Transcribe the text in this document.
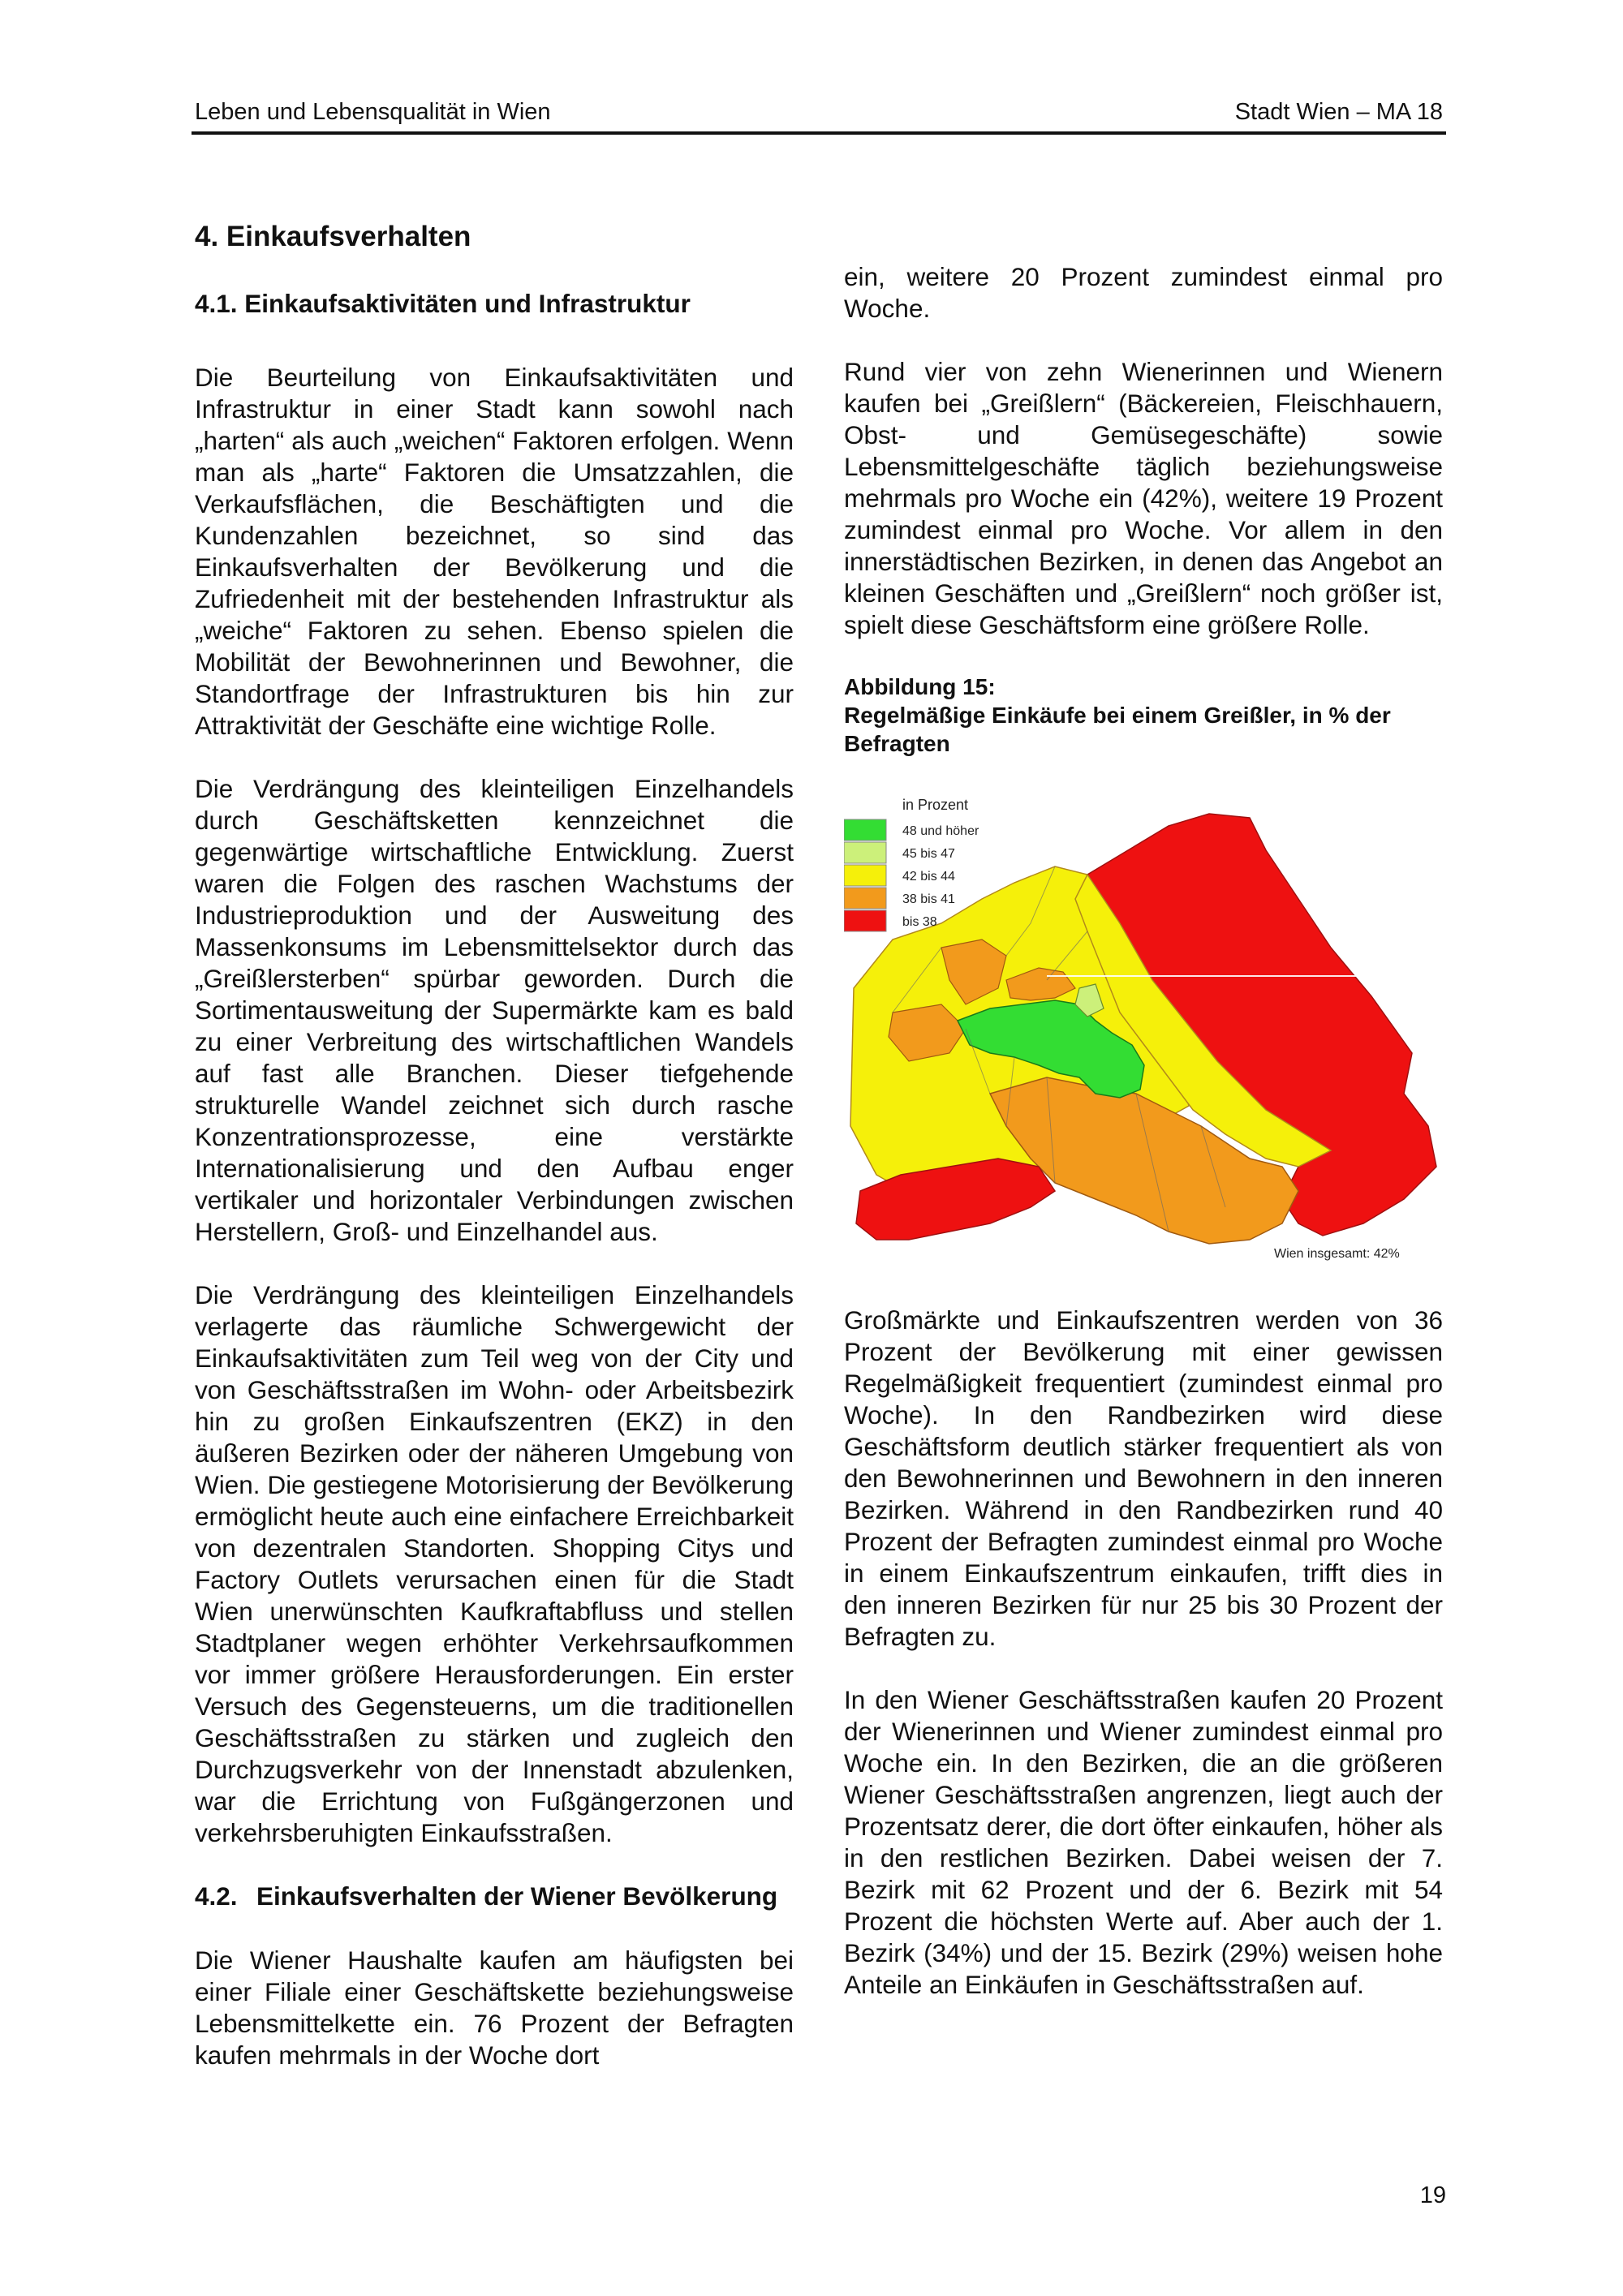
Leben und Lebensqualität in Wien	Stadt Wien – MA 18
4. Einkaufsverhalten
4.1. Einkaufsaktivitäten und Infrastruktur

Die Beurteilung von Einkaufsaktivitäten und Infrastruktur in einer Stadt kann sowohl nach „harten“ als auch „weichen“ Faktoren erfolgen. Wenn man als „harte“ Faktoren die Umsatzzahlen, die Verkaufsflächen, die Beschäftigten und die Kundenzahlen bezeichnet, so sind das Einkaufsverhalten der Bevölkerung und die Zufriedenheit mit der bestehenden Infrastruktur als „weiche“ Faktoren zu sehen. Ebenso spielen die Mobilität der Bewohnerinnen und Bewohner, die Standortfrage der Infrastrukturen bis hin zur Attraktivität der Geschäfte eine wichtige Rolle.

Die Verdrängung des kleinteiligen Einzelhandels durch Geschäftsketten kennzeichnet die gegenwärtige wirtschaftliche Entwicklung. Zuerst waren die Folgen des raschen Wachstums der Industrieproduktion und der Ausweitung des Massenkonsums im Lebensmittelsektor durch das „Greißlersterben“ spürbar geworden. Durch die Sortimentausweitung der Supermärkte kam es bald zu einer Verbreitung des wirtschaftlichen Wandels auf fast alle Branchen. Dieser tiefgehende strukturelle Wandel zeichnet sich durch rasche Konzentrationsprozesse, eine verstärkte Internationalisierung und den Aufbau enger vertikaler und horizontaler Verbindungen zwischen Herstellern, Groß- und Einzelhandel aus.

Die Verdrängung des kleinteiligen Einzelhandels verlagerte das räumliche Schwergewicht der Einkaufsaktivitäten zum Teil weg von der City und von Geschäftsstraßen im Wohn- oder Arbeitsbezirk hin zu großen Einkaufszentren (EKZ) in den äußeren Bezirken oder der näheren Umgebung von Wien. Die gestiegene Motorisierung der Bevölkerung ermöglicht heute auch eine einfachere Erreichbarkeit von dezentralen Standorten. Shopping Citys und Factory Outlets verursachen einen für die Stadt Wien unerwünschten Kaufkraftabfluss und stellen Stadtplaner wegen erhöhter Verkehrsaufkommen vor immer größere Herausforderungen. Ein erster Versuch des Gegensteuerns, um die traditionellen Geschäftsstraßen zu stärken und zugleich den Durchzugsverkehr von der Innenstadt abzulenken, war die Errichtung von Fußgängerzonen und verkehrsberuhigten Einkaufsstraßen.

4.2. Einkaufsverhalten der Wiener Bevölkerung

Die Wiener Haushalte kaufen am häufigsten bei einer Filiale einer Geschäftskette beziehungsweise Lebensmittelkette ein. 76 Prozent der Befragten kaufen mehrmals in der Woche dort

ein, weitere 20 Prozent zumindest einmal pro Woche.

Rund vier von zehn Wienerinnen und Wienern kaufen bei „Greißlern“ (Bäckereien, Fleischhauern, Obst- und Gemüsegeschäfte) sowie Lebensmittelgeschäfte täglich beziehungsweise mehrmals pro Woche ein (42%), weitere 19 Prozent zumindest einmal pro Woche. Vor allem in den innerstädtischen Bezirken, in denen das Angebot an kleinen Geschäften und „Greißlern“ noch größer ist, spielt diese Geschäftsform eine größere Rolle.

Abbildung 15:
Regelmäßige Einkäufe bei einem Greißler, in % der Befragten
in Prozent
48 und höher
45 bis 47
42 bis 44
38 bis 41
bis 38
Wien insgesamt: 42%

Großmärkte und Einkaufszentren werden von 36 Prozent der Bevölkerung mit einer gewissen Regelmäßigkeit frequentiert (zumindest einmal pro Woche). In den Randbezirken wird diese Geschäftsform deutlich stärker frequentiert als von den Bewohnerinnen und Bewohnern in den inneren Bezirken. Während in den Randbezirken rund 40 Prozent der Befragten zumindest einmal pro Woche in einem Einkaufszentrum einkaufen, trifft dies in den inneren Bezirken für nur 25 bis 30 Prozent der Befragten zu.

In den Wiener Geschäftsstraßen kaufen 20 Prozent der Wienerinnen und Wiener zumindest einmal pro Woche ein. In den Bezirken, die an die größeren Wiener Geschäftsstraßen angrenzen, liegt auch der Prozentsatz derer, die dort öfter einkaufen, höher als in den restlichen Bezirken. Dabei weisen der 7. Bezirk mit 62 Prozent und der 6. Bezirk mit 54 Prozent die höchsten Werte auf. Aber auch der 1. Bezirk (34%) und der 15. Bezirk (29%) weisen hohe Anteile an Einkäufen in Geschäftsstraßen auf.

19
